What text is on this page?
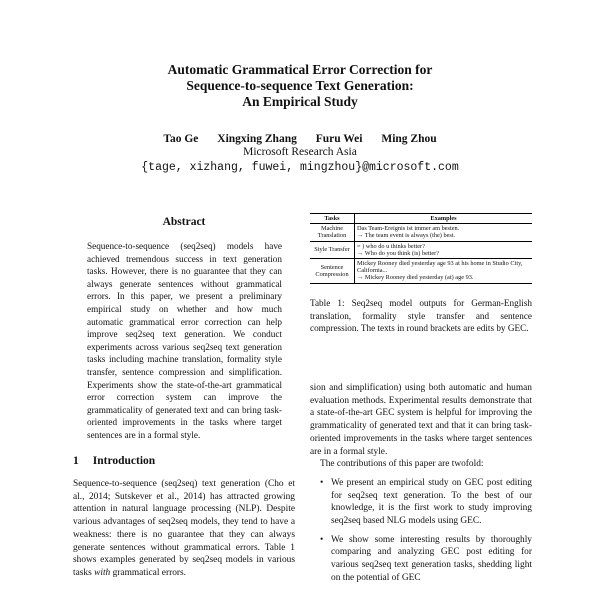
Automatic Grammatical Error Correction for
Sequence-to-sequence Text Generation:
An Empirical Study
Tao Ge Xingxing Zhang Furu Wei Ming Zhou
Microsoft Research Asia
{tage, xizhang, fuwei, mingzhou}@microsoft.com
Abstract
Sequence-to-sequence (seq2seq) models have achieved tremendous success in text generation tasks. However, there is no guarantee that they can always generate sentences without grammatical errors. In this paper, we present a preliminary empirical study on whether and how much automatic grammatical error correction can help improve seq2seq text generation. We conduct experiments across various seq2seq text generation tasks including machine translation, formality style transfer, sentence compression and simplification. Experiments show the state-of-the-art grammatical error correction system can improve the grammaticality of generated text and can bring task-oriented improvements in the tasks where target sentences are in a formal style.
1 Introduction
Sequence-to-sequence (seq2seq) text generation (Cho et al., 2014; Sutskever et al., 2014) has attracted growing attention in natural language processing (NLP). Despite various advantages of seq2seq models, they tend to have a weakness: there is no guarantee that they can always generate sentences without grammatical errors. Table 1 shows examples generated by seq2seq models in various tasks with grammatical errors.
Tasks	Examples
Machine Translation	Das Team-Ereignis ist immer am besten.
→ The team event is always (the) best.

Style Transfer	= ) who do u thinks better?
→ Who do you think (is) better?

Sentence Compression	Mickey Rooney died yesterday age 93 at his home in Studio City, California...
→ Mickey Rooney died yesterday (at) age 93.
Table 1: Seq2seq model outputs for German-English translation, formality style transfer and sentence compression. The texts in round brackets are edits by GEC.

sion and simplification) using both automatic and human evaluation methods. Experimental results demonstrate that a state-of-the-art GEC system is helpful for improving the grammaticality of generated text and that it can bring task-oriented improvements in the tasks where target sentences are in a formal style.

The contributions of this paper are twofold:

• We present an empirical study on GEC post editing for seq2seq text generation. To the best of our knowledge, it is the first work to study improving seq2seq based NLG models using GEC.
• We show some interesting results by thoroughly comparing and analyzing GEC post editing for various seq2seq text generation tasks, shedding light on the potential of GEC
